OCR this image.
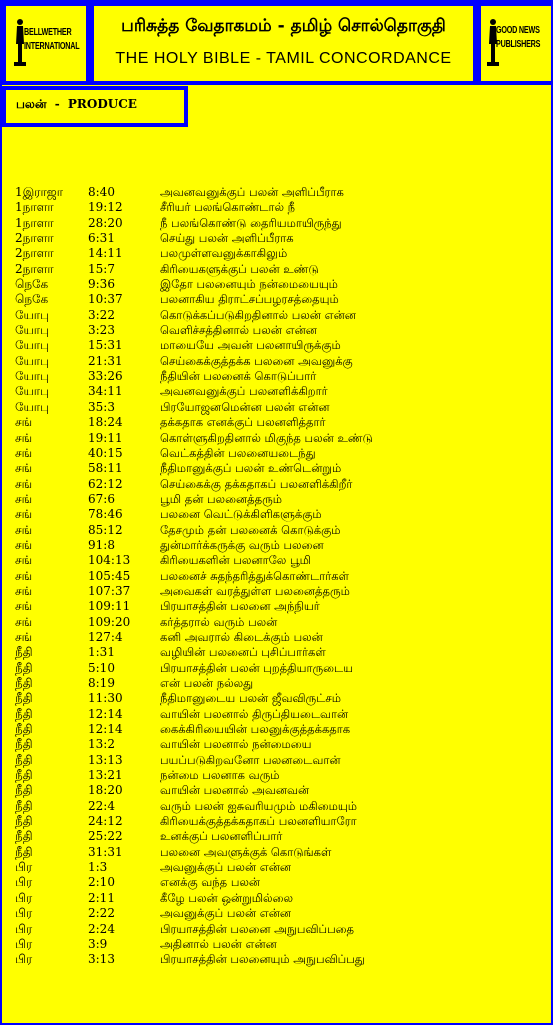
BELLWETHER
INTERNATIONAL
பரிசுத்த வேதாகமம் - தமிழ் சொல்தொகுதி
THE HOLY BIBLE - TAMIL CONCORDANCE
GOOD NEWS
PUBLISHERS
பலன் - PRODUCE
1இராஜா 8:40	அவனவனுக்குப் பலன் அளிப்பீராக
1நாளா	19:12	சீரியர் பலங்கொண்டால் நீ
1நாளா	28:20	நீ பலங்கொண்டு தைரியமாயிருந்து
2நாளா	6:31	செய்து பலன் அளிப்பீராக
2நாளா	14:11	பலமுள்ளவனுக்காகிலும்
2நாளா	15:7	கிரியைகளுக்குப் பலன் உண்டு
நெகே	9:36	இதோ பலனையும் நன்மையையும்
நெகே	10:37	பலனாகிய திராட்சப்பழரசத்தையும்
யோபு	3:22	கொடுக்கப்படுகிறதினால் பலன் என்ன
யோபு	3:23	வெளிச்சத்தினால் பலன் என்ன
யோபு	15:31	மாயையே அவன் பலனாயிருக்கும்
யோபு	21:31	செய்கைக்குத்தக்க பலனை அவனுக்கு
யோபு	33:26	நீதியின் பலனைக் கொடுப்பார்
யோபு	34:11	அவனவனுக்குப் பலனளிக்கிறார்
யோபு	35:3	பிரயோஜனமென்ன பலன் என்ன
சங்	18:24	தக்கதாக எனக்குப் பலனளித்தார்
சங்	19:11	கொள்ளுகிறதினால் மிகுந்த பலன் உண்டு
சங்	40:15	வெட்கத்தின் பலனையடைந்து
சங்	58:11	நீதிமானுக்குப் பலன் உண்டென்றும்
சங்	62:12	செய்கைக்கு தக்கதாகப் பலனளிக்கிறீர்
சங்	67:6	பூமி தன் பலனைத்தரும்
சங்	78:46	பலனை வெட்டுக்கிளிகளுக்கும்
சங்	85:12	தேசமும் தன் பலனைக் கொடுக்கும்
சங்	91:8	துன்மார்க்கருக்கு வரும் பலனை
சங்	104:13	கிரியைகளின் பலனாலே பூமி
சங்	105:45	பலனைச் சுதந்தரித்துக்கொண்டார்கள்
சங்	107:37	அவைகள் வரத்துள்ள பலனைத்தரும்
சங்	109:11	பிரயாசத்தின் பலனை அந்நியர்
சங்	109:20	கர்த்தரால் வரும் பலன்
சங்	127:4	கனி அவரால் கிடைக்கும் பலன்
நீதி	1:31	வழியின் பலனைப் புசிப்பார்கள்
நீதி	5:10	பிரயாசத்தின் பலன் புறத்தியாருடைய
நீதி	8:19	என் பலன் நல்லது
நீதி	11:30	நீதிமானுடைய பலன் ஜீவவிருட்சம்
நீதி	12:14	வாயின் பலனால் திருப்தியடைவான்
நீதி	12:14	கைக்கிரியையின் பலனுக்குத்தக்கதாக
நீதி	13:2	வாயின் பலனால் நன்மையை
நீதி	13:13	பயப்படுகிறவனோ பலனடைவான்
நீதி	13:21	நன்மை பலனாக வரும்
நீதி	18:20	வாயின் பலனால் அவனவன்
நீதி	22:4	வரும் பலன் ஐசுவரியமும் மகிமையும்
நீதி	24:12	கிரியைக்குத்தக்கதாகப் பலனளியாரோ
நீதி	25:22	உனக்குப் பலனளிப்பார்
நீதி	31:31	பலனை அவளுக்குக் கொடுங்கள்
பிர	1:3	அவனுக்குப் பலன் என்ன
பிர	2:10	எனக்கு வந்த பலன்
பிர	2:11	கீழே பலன் ஒன்றுமில்லை
பிர	2:22	அவனுக்குப் பலன் என்ன
பிர	2:24	பிரயாசத்தின் பலனை அநுபவிப்பதை
பிர	3:9	அதினால் பலன் என்ன
பிர	3:13	பிரயாசத்தின் பலனையும் அநுபவிப்பது
